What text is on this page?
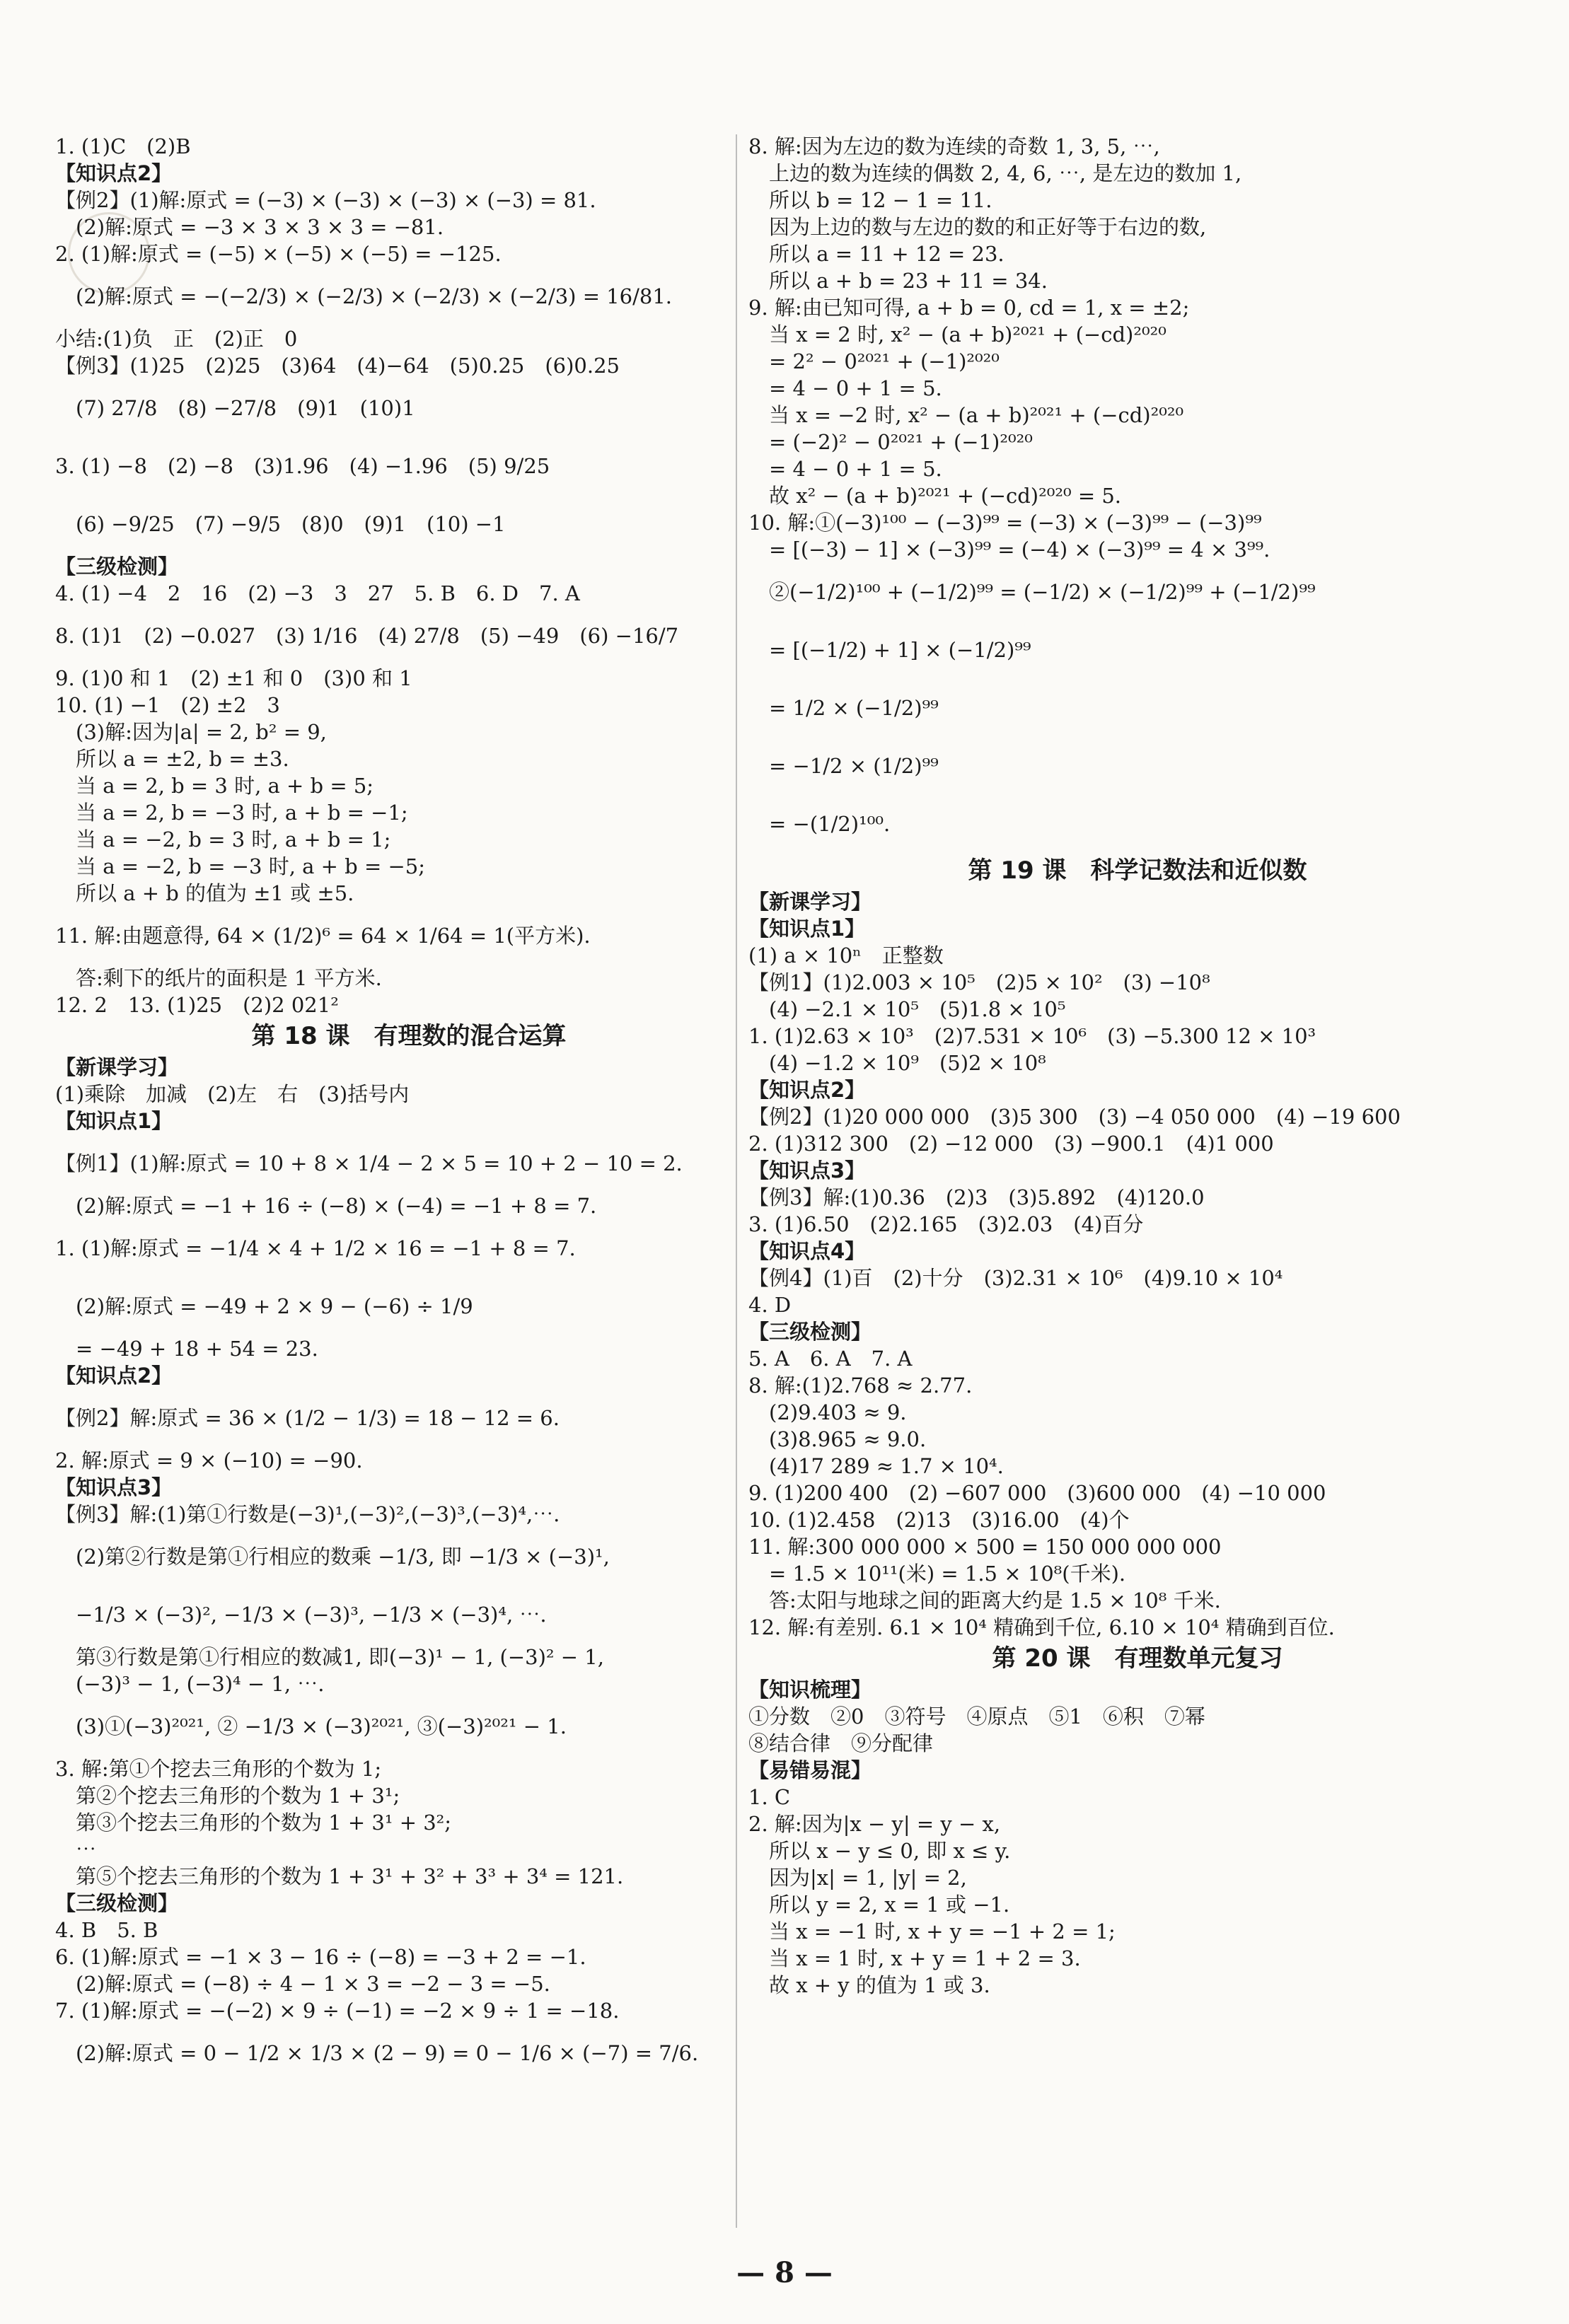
1. (1)C　(2)B
【知识点2】
【例2】(1)解:原式 = (−3) × (−3) × (−3) × (−3) = 81.
　(2)解:原式 = −3 × 3 × 3 × 3 = −81.
2. (1)解:原式 = (−5) × (−5) × (−5) = −125.
　(2)解:原式 = −(−2/3) × (−2/3) × (−2/3) × (−2/3) = 16/81.
小结:(1)负　正　(2)正　0
【例3】(1)25　(2)25　(3)64　(4)−64　(5)0.25　(6)0.25
　(7) 27/8　(8) −27/8　(9)1　(10)1
3. (1) −8　(2) −8　(3)1.96　(4) −1.96　(5) 9/25
　(6) −9/25　(7) −9/5　(8)0　(9)1　(10) −1
【三级检测】
4. (1) −4　2　16　(2) −3　3　27　5. B　6. D　7. A
8. (1)1　(2) −0.027　(3) 1/16　(4) 27/8　(5) −49　(6) −16/7
9. (1)0 和 1　(2) ±1 和 0　(3)0 和 1
10. (1) −1　(2) ±2　3
　(3)解:因为|a| = 2, b² = 9,
　所以 a = ±2, b = ±3.
　当 a = 2, b = 3 时, a + b = 5;
　当 a = 2, b = −3 时, a + b = −1;
　当 a = −2, b = 3 时, a + b = 1;
　当 a = −2, b = −3 时, a + b = −5;
　所以 a + b 的值为 ±1 或 ±5.
11. 解:由题意得, 64 × (1/2)⁶ = 64 × 1/64 = 1(平方米).
　答:剩下的纸片的面积是 1 平方米.
12. 2　13. (1)25　(2)2 021²
第 18 课　有理数的混合运算
【新课学习】
(1)乘除　加减　(2)左　右　(3)括号内
【知识点1】
【例1】(1)解:原式 = 10 + 8 × 1/4 − 2 × 5 = 10 + 2 − 10 = 2.
　(2)解:原式 = −1 + 16 ÷ (−8) × (−4) = −1 + 8 = 7.
1. (1)解:原式 = −1/4 × 4 + 1/2 × 16 = −1 + 8 = 7.
　(2)解:原式 = −49 + 2 × 9 − (−6) ÷ 1/9
　= −49 + 18 + 54 = 23.
【知识点2】
【例2】解:原式 = 36 × (1/2 − 1/3) = 18 − 12 = 6.
2. 解:原式 = 9 × (−10) = −90.
【知识点3】
【例3】解:(1)第①行数是(−3)¹,(−3)²,(−3)³,(−3)⁴,⋯.
　(2)第②行数是第①行相应的数乘 −1/3, 即 −1/3 × (−3)¹,
　−1/3 × (−3)², −1/3 × (−3)³, −1/3 × (−3)⁴, ⋯.
　第③行数是第①行相应的数减1, 即(−3)¹ − 1, (−3)² − 1,
　(−3)³ − 1, (−3)⁴ − 1, ⋯.
　(3)①(−3)²⁰²¹, ② −1/3 × (−3)²⁰²¹, ③(−3)²⁰²¹ − 1.
3. 解:第①个挖去三角形的个数为 1;
　第②个挖去三角形的个数为 1 + 3¹;
　第③个挖去三角形的个数为 1 + 3¹ + 3²;
　⋯
　第⑤个挖去三角形的个数为 1 + 3¹ + 3² + 3³ + 3⁴ = 121.
【三级检测】
4. B　5. B
6. (1)解:原式 = −1 × 3 − 16 ÷ (−8) = −3 + 2 = −1.
　(2)解:原式 = (−8) ÷ 4 − 1 × 3 = −2 − 3 = −5.
7. (1)解:原式 = −(−2) × 9 ÷ (−1) = −2 × 9 ÷ 1 = −18.
　(2)解:原式 = 0 − 1/2 × 1/3 × (2 − 9) = 0 − 1/6 × (−7) = 7/6.
8. 解:因为左边的数为连续的奇数 1, 3, 5, ⋯,
　上边的数为连续的偶数 2, 4, 6, ⋯, 是左边的数加 1,
　所以 b = 12 − 1 = 11.
　因为上边的数与左边的数的和正好等于右边的数,
　所以 a = 11 + 12 = 23.
　所以 a + b = 23 + 11 = 34.
9. 解:由已知可得, a + b = 0, cd = 1, x = ±2;
　当 x = 2 时, x² − (a + b)²⁰²¹ + (−cd)²⁰²⁰
　= 2² − 0²⁰²¹ + (−1)²⁰²⁰
　= 4 − 0 + 1 = 5.
　当 x = −2 时, x² − (a + b)²⁰²¹ + (−cd)²⁰²⁰
　= (−2)² − 0²⁰²¹ + (−1)²⁰²⁰
　= 4 − 0 + 1 = 5.
　故 x² − (a + b)²⁰²¹ + (−cd)²⁰²⁰ = 5.
10. 解:①(−3)¹⁰⁰ − (−3)⁹⁹ = (−3) × (−3)⁹⁹ − (−3)⁹⁹
　= [(−3) − 1] × (−3)⁹⁹ = (−4) × (−3)⁹⁹ = 4 × 3⁹⁹.
　②(−1/2)¹⁰⁰ + (−1/2)⁹⁹ = (−1/2) × (−1/2)⁹⁹ + (−1/2)⁹⁹
　= [(−1/2) + 1] × (−1/2)⁹⁹
　= 1/2 × (−1/2)⁹⁹
　= −1/2 × (1/2)⁹⁹
　= −(1/2)¹⁰⁰.
第 19 课　科学记数法和近似数
【新课学习】
【知识点1】
(1) a × 10ⁿ　正整数
【例1】(1)2.003 × 10⁵　(2)5 × 10²　(3) −10⁸
　(4) −2.1 × 10⁵　(5)1.8 × 10⁵
1. (1)2.63 × 10³　(2)7.531 × 10⁶　(3) −5.300 12 × 10³
　(4) −1.2 × 10⁹　(5)2 × 10⁸
【知识点2】
【例2】(1)20 000 000　(3)5 300　(3) −4 050 000　(4) −19 600
2. (1)312 300　(2) −12 000　(3) −900.1　(4)1 000
【知识点3】
【例3】解:(1)0.36　(2)3　(3)5.892　(4)120.0
3. (1)6.50　(2)2.165　(3)2.03　(4)百分
【知识点4】
【例4】(1)百　(2)十分　(3)2.31 × 10⁶　(4)9.10 × 10⁴
4. D
【三级检测】
5. A　6. A　7. A
8. 解:(1)2.768 ≈ 2.77.
　(2)9.403 ≈ 9.
　(3)8.965 ≈ 9.0.
　(4)17 289 ≈ 1.7 × 10⁴.
9. (1)200 400　(2) −607 000　(3)600 000　(4) −10 000
10. (1)2.458　(2)13　(3)16.00　(4)个
11. 解:300 000 000 × 500 = 150 000 000 000
　= 1.5 × 10¹¹(米) = 1.5 × 10⁸(千米).
　答:太阳与地球之间的距离大约是 1.5 × 10⁸ 千米.
12. 解:有差别. 6.1 × 10⁴ 精确到千位, 6.10 × 10⁴ 精确到百位.
第 20 课　有理数单元复习
【知识梳理】
①分数　②0　③符号　④原点　⑤1　⑥积　⑦幂
⑧结合律　⑨分配律
【易错易混】
1. C
2. 解:因为|x − y| = y − x,
　所以 x − y ≤ 0, 即 x ≤ y.
　因为|x| = 1, |y| = 2,
　所以 y = 2, x = 1 或 −1.
　当 x = −1 时, x + y = −1 + 2 = 1;
　当 x = 1 时, x + y = 1 + 2 = 3.
　故 x + y 的值为 1 或 3.
— 8 —
